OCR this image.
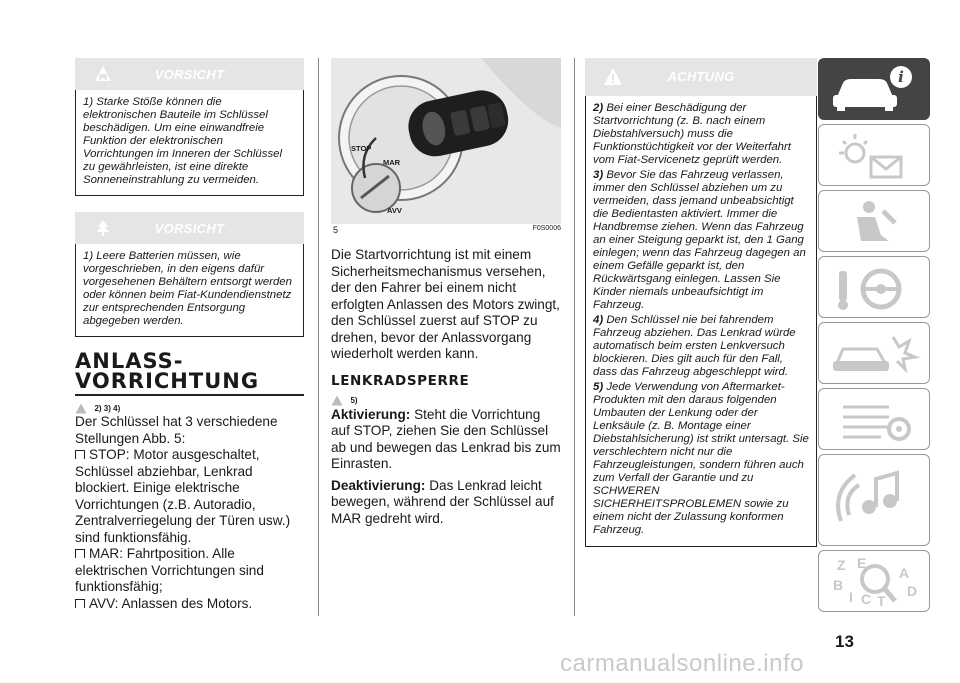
VORSICHT
1) Starke Stöße können die elektronischen Bauteile im Schlüssel beschädigen. Um eine einwandfreie Funktion der elektronischen Vorrichtungen im Inneren der Schlüssel zu gewährleisten, ist eine direkte Sonneneinstrahlung zu vermeiden.
VORSICHT
1) Leere Batterien müssen, wie vorgeschrieben, in den eigens dafür vorgesehenen Behältern entsorgt werden oder können beim Fiat-Kundendienstnetz zur entsprechenden Entsorgung abgegeben werden.
ANLASS-
VORRICHTUNG
2) 3) 4)

Der Schlüssel hat 3 verschiedene Stellungen Abb. 5:

STOP: Motor ausgeschaltet, Schlüssel abziehbar, Lenkrad blockiert. Einige elektrische Vorrichtungen (z.B. Autoradio, Zentralverriegelung der Türen usw.) sind funktionsfähig.

MAR: Fahrtposition. Alle elektrischen Vorrichtungen sind funktionsfähig;

AVV: Anlassen des Motors.

STOP
MAR
AVV
5	F0S0006

Die Startvorrichtung ist mit einem Sicherheitsmechanismus versehen, der den Fahrer bei einem nicht erfolgten Anlassen des Motors zwingt, den Schlüssel zuerst auf STOP zu drehen, bevor der Anlassvorgang wiederholt werden kann.

LENKRADSPERRE
5)

Aktivierung: Steht die Vorrichtung auf STOP, ziehen Sie den Schlüssel ab und bewegen das Lenkrad bis zum Einrasten.

Deaktivierung: Das Lenkrad leicht bewegen, während der Schlüssel auf MAR gedreht wird.

ACHTUNG

2) Bei einer Beschädigung der Startvorrichtung (z. B. nach einem Diebstahlversuch) muss die Funktionstüchtigkeit vor der Weiterfahrt vom Fiat-Servicenetz geprüft werden.

3) Bevor Sie das Fahrzeug verlassen, immer den Schlüssel abziehen um zu vermeiden, dass jemand unbeabsichtigt die Bedientasten aktiviert. Immer die Handbremse ziehen. Wenn das Fahrzeug an einer Steigung geparkt ist, den 1 Gang einlegen; wenn das Fahrzeug dagegen an einem Gefälle geparkt ist, den Rückwärtsgang einlegen. Lassen Sie Kinder niemals unbeaufsichtigt im Fahrzeug.

4) Den Schlüssel nie bei fahrendem Fahrzeug abziehen. Das Lenkrad würde automatisch beim ersten Lenkversuch blockieren. Dies gilt auch für den Fall, dass das Fahrzeug abgeschleppt wird.

5) Jede Verwendung von Aftermarket-Produkten mit den daraus folgenden Umbauten der Lenkung oder der Lenksäule (z. B. Montage einer Diebstahlsicherung) ist strikt untersagt. Sie verschlechtern nicht nur die Fahrzeugleistungen, sondern führen auch zum Verfall der Garantie und zu SCHWEREN SICHERHEITSPROBLEMEN sowie zu einem nicht der Zulassung konformen Fahrzeug.

i
Z E
A
B
I C T
D
13
carmanualsonline.info
